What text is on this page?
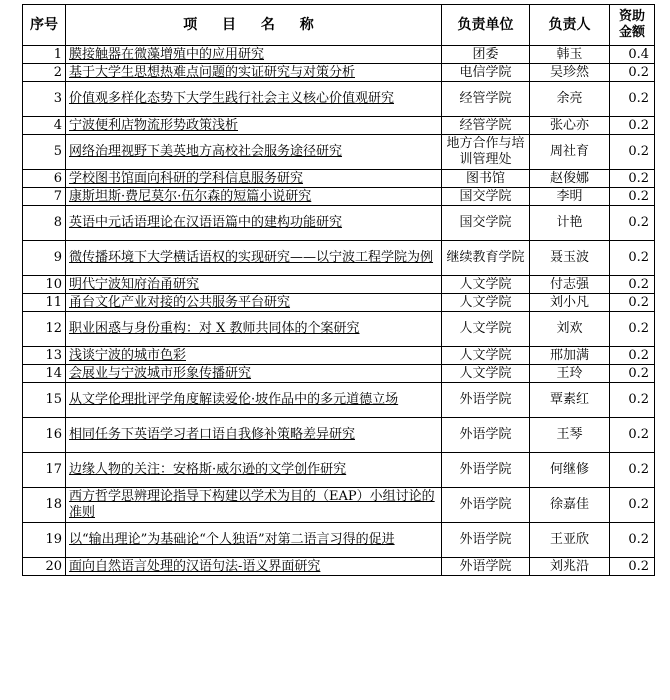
序号	项 目 名 称	负责单位	负责人	资助
金额
1	膜接触器在微藻增殖中的应用研究	团委	韩玉	0.4
2	基于大学生思想热难点问题的实证研究与对策分析	电信学院	吴珍然	0.2
3	价值观多样化态势下大学生践行社会主义核心价值观研究	经管学院	余亮	0.2
4	宁波便利店物流形势政策浅析	经管学院	张心亦	0.2
5	网络治理视野下美英地方高校社会服务途径研究	地方合作与培训管理处	周社育	0.2
6	学校图书馆面向科研的学科信息服务研究	图书馆	赵俊娜	0.2
7	康斯坦斯·费尼莫尔·伍尔森的短篇小说研究	国交学院	李明	0.2
8	英语中元话语理论在汉语语篇中的建构功能研究	国交学院	计艳	0.2
9	微传播环境下大学横话语权的实现研究——以宁波工程学院为例	继续教育学院	聂玉波	0.2
10	明代宁波知府治甬研究	人文学院	付志强	0.2
11	甬台文化产业对接的公共服务平台研究	人文学院	刘小凡	0.2
12	职业困惑与身份重构：对 X 教师共同体的个案研究	人文学院	刘欢	0.2
13	浅谈宁波的城市色彩	人文学院	邢加满	0.2
14	会展业与宁波城市形象传播研究	人文学院	王玲	0.2
15	从文学伦理批评学角度解读爱伦·坡作品中的多元道德立场	外语学院	覃素红	0.2
16	相同任务下英语学习者口语自我修补策略差异研究	外语学院	王琴	0.2
17	边缘人物的关注：安格斯·威尔逊的文学创作研究	外语学院	何继修	0.2
18	西方哲学思辨理论指导下构建以学术为目的（EAP）小组讨论的准则	外语学院	徐嘉佳	0.2
19	以“输出理论”为基础论“个人独语”对第二语言习得的促进	外语学院	王亚欣	0.2
20	面向自然语言处理的汉语句法-语义界面研究	外语学院	刘兆沿	0.2
